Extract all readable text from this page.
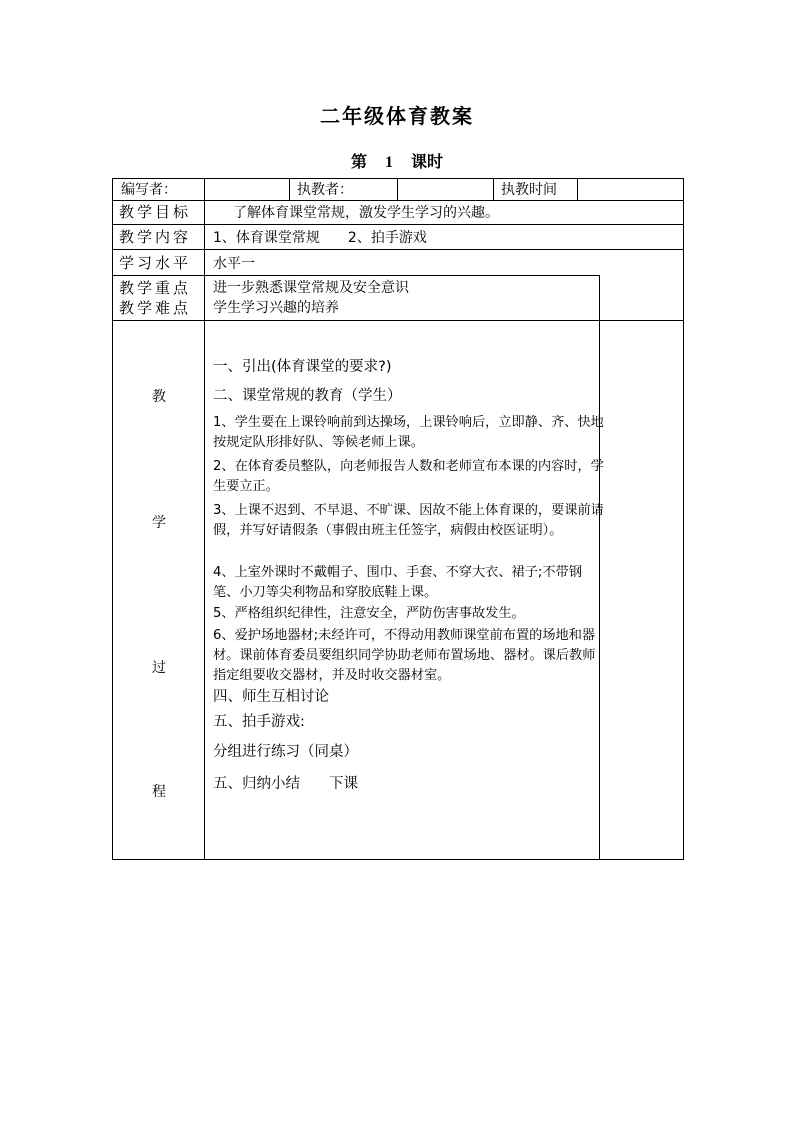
二年级体育教案
第 1 课时
编写者：	执教者：	执教时间
教学目标	了解体育课堂常规，激发学生学习的兴趣。
教学内容 1、体育课堂常规　　2、拍手游戏
学习水平 水平一
教学重点 进一步熟悉课堂常规及安全意识
教学难点 学生学习兴趣的培养
教
学
过
程
一、引出(体育课堂的要求?)
二、课堂常规的教育（学生）
1、学生要在上课铃响前到达操场，上课铃响后，立即静、齐、快地按规定队形排好队、等候老师上课。
2、在体育委员整队，向老师报告人数和老师宣布本课的内容时，学生要立正。
3、上课不迟到、不早退、不旷课、因故不能上体育课的，要课前请假，并写好请假条（事假由班主任签字，病假由校医证明）。
4、上室外课时不戴帽子、围巾、手套、不穿大衣、裙子;不带钢笔、小刀等尖利物品和穿胶底鞋上课。
5、严格组织纪律性，注意安全，严防伤害事故发生。
6、爱护场地器材;未经许可，不得动用教师课堂前布置的场地和器材。课前体育委员要组织同学协助老师布置场地、器材。课后教师指定组要收交器材，并及时收交器材室。
四、师生互相讨论
五、拍手游戏:
分组进行练习（同桌）
五、归纳小结　　下课
